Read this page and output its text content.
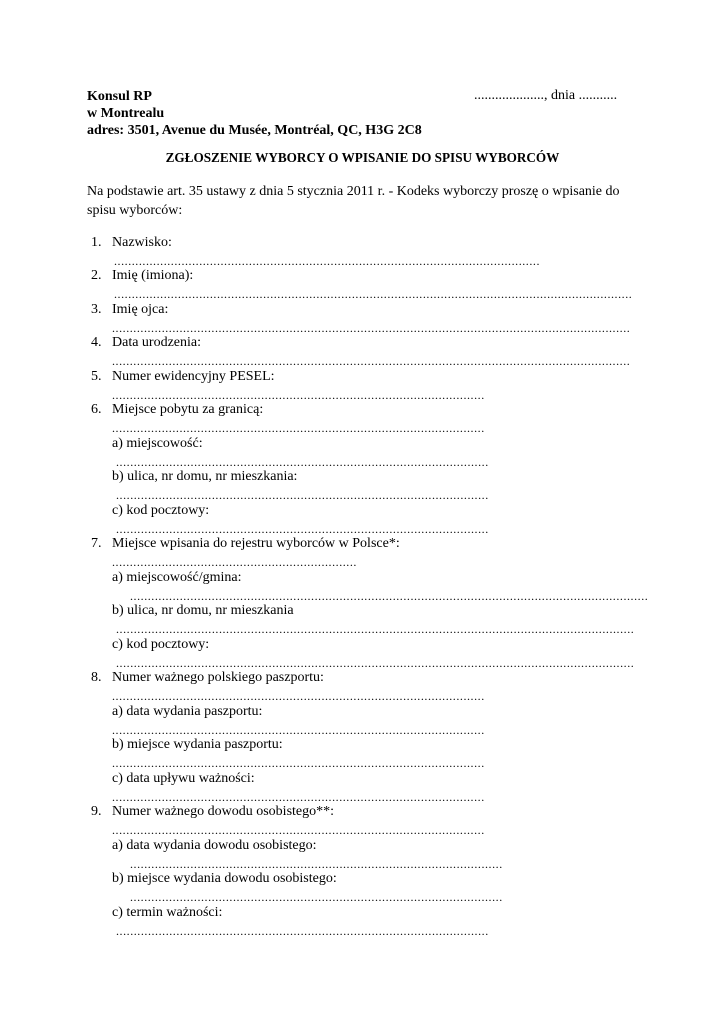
Konsul RP
w Montrealu
adres: 3501, Avenue du Musée, Montréal, QC, H3G 2C8
...................., dnia ...........
ZGŁOSZENIE WYBORCY O WPISANIE DO SPISU WYBORCÓW
Na podstawie art. 35 ustawy z dnia 5 stycznia 2011 r. - Kodeks wyborczy proszę o wpisanie do spisu wyborców:
1. Nazwisko:
........................................................................................................................
2. Imię (imiona):
..................................................................................................................................................
3. Imię ojca:
..................................................................................................................................................
4. Data urodzenia:
..................................................................................................................................................
5. Numer ewidencyjny PESEL:
.........................................................................................................
6. Miejsce pobytu za granicą:
.........................................................................................................
a) miejscowość:
.........................................................................................................
b) ulica, nr domu, nr mieszkania:
.........................................................................................................
c) kod pocztowy:
.........................................................................................................
7. Miejsce wpisania do rejestru wyborców w Polsce*:
.....................................................................
a) miejscowość/gmina:
..................................................................................................................................................
b) ulica, nr domu, nr mieszkania
..................................................................................................................................................
c) kod pocztowy:
..................................................................................................................................................
8. Numer ważnego polskiego paszportu:
.........................................................................................................
a) data wydania paszportu:
.........................................................................................................
b) miejsce wydania paszportu:
.........................................................................................................
c) data upływu ważności:
.........................................................................................................
9. Numer ważnego dowodu osobistego**:
.........................................................................................................
a) data wydania dowodu osobistego:
.........................................................................................................
b) miejsce wydania dowodu osobistego:
.........................................................................................................
c) termin ważności:
.........................................................................................................
